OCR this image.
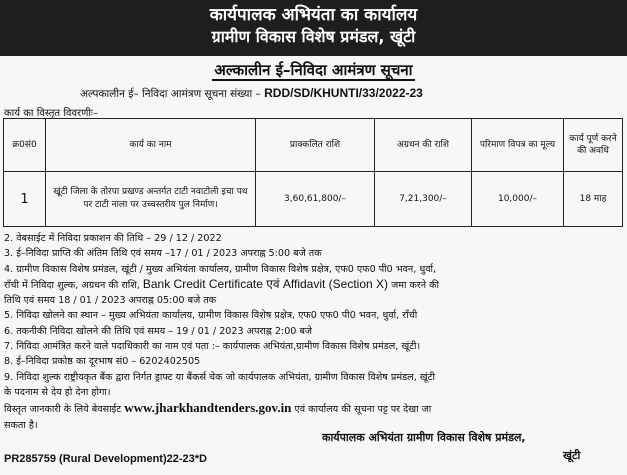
कार्यपालक अभियंता का कार्यालय
ग्रामीण विकास विशेष प्रमंडल, खूंटी
अल्कालीन ई–निविदा आमंत्रण सूचना
अल्पकालीन ई– निविदा आमंत्रण सूचना संख्या – RDD/SD/KHUNTI/33/2022-23
कार्य का विस्तृत विवरणीः–
क्र0सं0	कार्य का नाम	प्राक्कलित राशि	अग्रधन की राशि	परिमाण विपत्र का मूल्य	कार्य पूर्ण करने की अवधि
1	खूंटी जिला के तोरपा प्रखण्ड अन्तर्गत टाटी नवाटोली इचा पथ पर टाटी नाला पर उच्चस्तरीय पुल निर्माण।	3,60,61,800/–	7,21,300/–	10,000/–	18 माह
2. वेबसाईट में निविदा प्रकाशन की तिथि – 29 / 12 / 2022
3. ई–निविदा प्राप्ति की अंतिम तिथि एवं समय –17 / 01 / 2023 अपराह्न 5:00 बजे तक
4. ग्रामीण विकास विशेष प्रमंडल, खूंटी / मुख्य अभियंता कार्यालय, ग्रामीण विकास विशेष प्रक्षेत्र, एफ0 एफ0 पी0 भवन, धुर्वा,
राँची में निविदा शुल्क, अग्रधन की राशि, Bank Credit Certificate एवं Affidavit (Section X) जमा करने की
तिथि एवं समय 18 / 01 / 2023 अपराह्न 05:00 बजे तक
5. निविदा खोलने का स्थान – मुख्य अभियंता कार्यालय, ग्रामीण विकास विशेष प्रक्षेत्र, एफ0 एफ0 पी0 भवन, धुर्वा, राँची
6. तकनीकी निविदा खोलने की तिथि एवं समय – 19 / 01 / 2023 अपराह्न 2:00 बजे
7. निविदा आमंत्रित करने वाले पदाधिकारी का नाम एवं पता :– कार्यपालक अभियंता,ग्रामीण विकास विशेष प्रमंडल, खूंटी।
8. ई–निविदा प्रकोष्ठ का दूरभाष सं0 – 6202402505
9. निविदा शुल्क राष्ट्रीयकृत बैंक द्वारा निर्गत ड्राफ्ट या बैंकर्स चेक जो कार्यपालक अभियंता, ग्रामीण विकास विशेष प्रमंडल, खूंटी
के पदनाम से देय हो देना होगा।
विस्तृत जानकारी के लिये बेवसाईट www.jharkhandtenders.gov.in एवं कार्यालय की सूचना पट्ट पर देखा जा
सकता है।
कार्यपालक अभियंता ग्रामीण विकास विशेष प्रमंडल,
खूंटी
PR285759 (Rural Development)22-23*D
